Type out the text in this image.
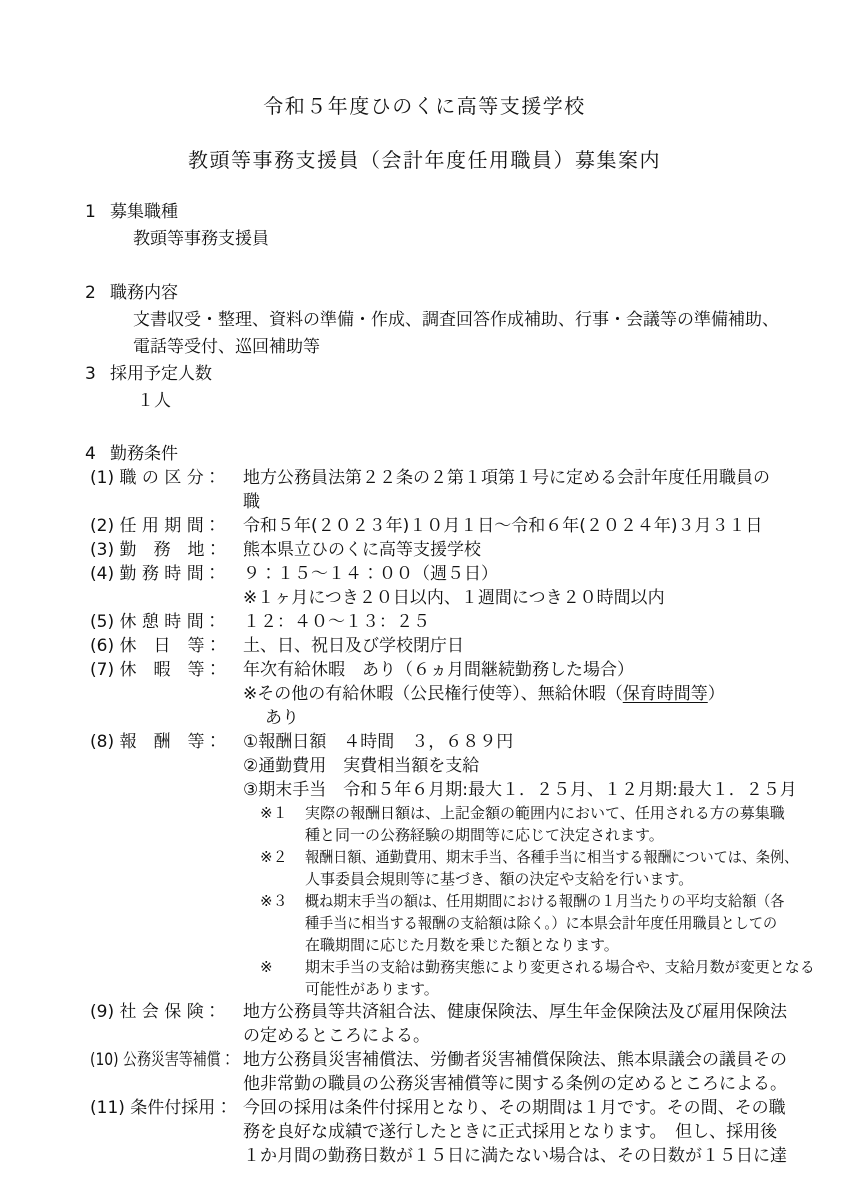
令和５年度ひのくに高等支援学校
教頭等事務支援員（会計年度任用職員）募集案内
1 募集職種
教頭等事務支援員
2 職務内容
文書収受・整理、資料の準備・作成、調査回答作成補助、行事・会議等の準備補助、
電話等受付、巡回補助等
3 採用予定人数
１人
4 勤務条件
(1) 職 の 区 分：	地方公務員法第２２条の２第１項第１号に定める会計年度任用職員の
職
(2) 任 用 期 間：	令和５年(２０２３年)１０月１日～令和６年(２０２４年)３月３１日
(3) 勤　務　地：	熊本県立ひのくに高等支援学校
(4) 勤 務 時 間：	９：１５～１４：００（週５日）
※１ヶ月につき２０日以内、１週間につき２０時間以内
(5) 休 憩 時 間：	１２：４０～１３：２５
(6) 休　日　等：	土、日、祝日及び学校閉庁日
(7) 休　暇　等：	年次有給休暇　あり（６ヵ月間継続勤務した場合）
※その他の有給休暇（公民権行使等）、無給休暇（保育時間等）
あり
(8) 報　酬　等：	①報酬日額　４時間　３，６８９円
②通勤費用　実費相当額を支給
③期末手当　令和５年６月期:最大１．２５月、１２月期:最大１．２５月
※１	実際の報酬日額は、上記金額の範囲内において、任用される方の募集職
種と同一の公務経験の期間等に応じて決定されます。
※２	報酬日額、通勤費用、期末手当、各種手当に相当する報酬については、条例、
人事委員会規則等に基づき、額の決定や支給を行います。
※３	概ね期末手当の額は、任用期間における報酬の１月当たりの平均支給額（各
種手当に相当する報酬の支給額は除く。）に本県会計年度任用職員としての
在職期間に応じた月数を乗じた額となります。
※	期末手当の支給は勤務実態により変更される場合や、支給月数が変更となる
可能性があります。
(9) 社 会 保 険：	地方公務員等共済組合法、健康保険法、厚生年金保険法及び雇用保険法
の定めるところによる。
(10) 公務災害等補償： 地方公務員災害補償法、労働者災害補償保険法、熊本県議会の議員その
他非常勤の職員の公務災害補償等に関する条例の定めるところによる。
(11) 条件付採用： 今回の採用は条件付採用となり、その期間は１月です。その間、その職
務を良好な成績で遂行したときに正式採用となります。　但し、採用後
１か月間の勤務日数が１５日に満たない場合は、その日数が１５日に達
